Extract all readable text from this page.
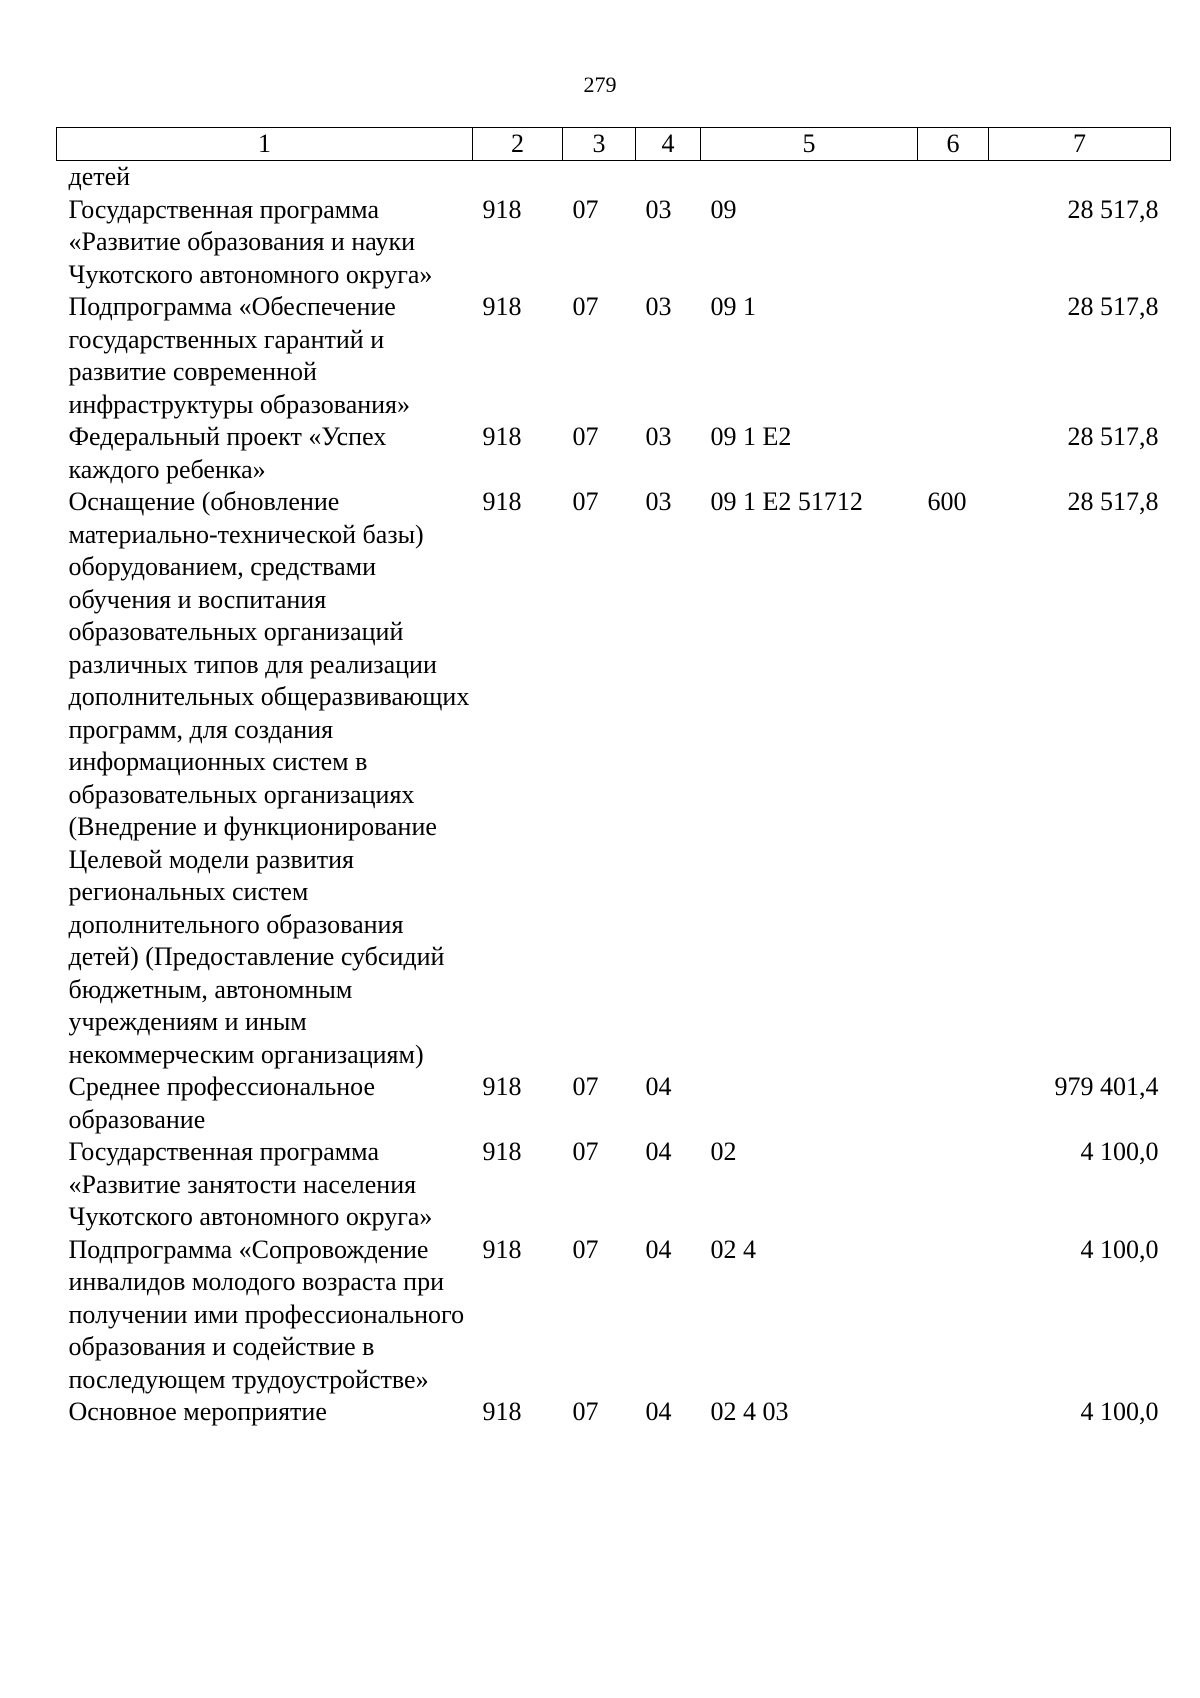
279
1	2	3	4	5	6	7
детей						
Государственная программа «Развитие образования и науки Чукотского автономного округа»	918	07	03	09		28 517,8
Подпрограмма «Обеспечение государственных гарантий и развитие современной инфраструктуры образования»	918	07	03	09 1		28 517,8
Федеральный проект «Успех каждого ребенка»	918	07	03	09 1 E2		28 517,8
Оснащение (обновление материально-технической базы) оборудованием, средствами обучения и воспитания образовательных организаций различных типов для реализации дополнительных общеразвивающих программ, для создания информационных систем в образовательных организациях (Внедрение и функционирование Целевой модели развития региональных систем дополнительного образования детей) (Предоставление субсидий бюджетным, автономным учреждениям и иным некоммерческим организациям)	918	07	03	09 1 E2 51712	600	28 517,8
Среднее профессиональное образование	918	07	04			979 401,4
Государственная программа «Развитие занятости населения Чукотского автономного округа»	918	07	04	02		4 100,0
Подпрограмма «Сопровождение инвалидов молодого возраста при получении ими профессионального образования и содействие в последующем трудоустройстве»	918	07	04	02 4		4 100,0
Основное мероприятие	918	07	04	02 4 03		4 100,0
